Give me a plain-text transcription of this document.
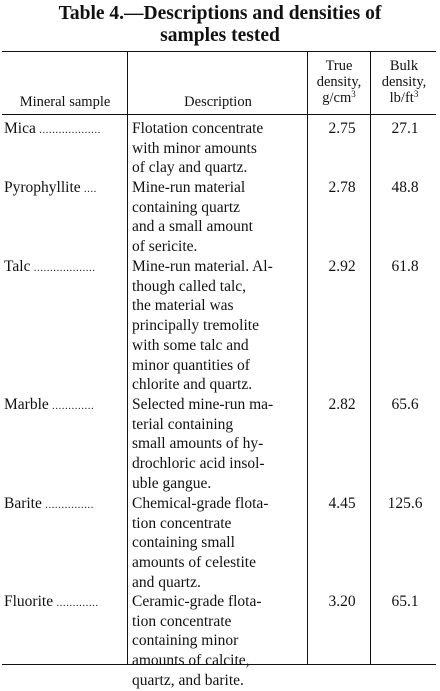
Table 4.—Descriptions and densities of
samples tested
Mineral sample	Description
True
density,
$g/cm^3$
Bulk
density,
$lb/ft^3$
Mica ...................	Flotation concentrate
with minor amounts
of clay and quartz.
2.75	27.1
Pyrophyllite ....	Mine-run material
containing quartz
and a small amount
of sericite.
2.78	48.8
Talc ...................	Mine-run material. Al-
though called talc,
the material was
principally tremolite
with some talc and
minor quantities of
chlorite and quartz.
2.92	61.8
Marble .............	Selected mine-run ma-
terial containing
small amounts of hy-
drochloric acid insol-
uble gangue.
2.82	65.6
Barite ...............	Chemical-grade flota-
tion concentrate
containing small
amounts of celestite
and quartz.
4.45	125.6
Fluorite .............	Ceramic-grade flota-
tion concentrate
containing minor
amounts of calcite,
quartz, and barite.
3.20	65.1
